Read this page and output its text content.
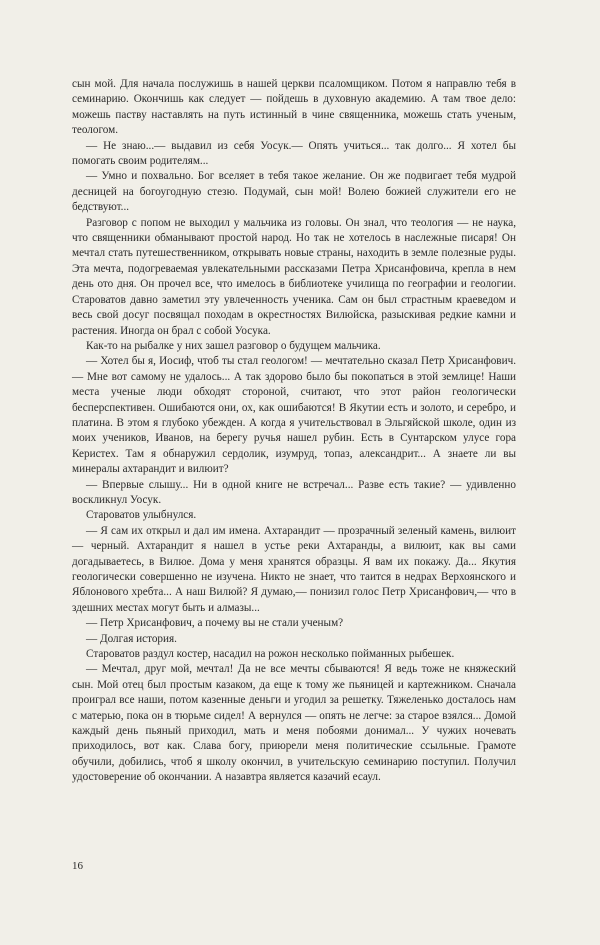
сын мой. Для начала послужишь в нашей церкви псаломщиком. Потом я направлю тебя в семинарию. Окончишь как следует — пойдешь в духовную академию. А там твое дело: можешь паству наставлять на путь истинный в чине священника, можешь стать ученым, теологом.

— Не знаю...— выдавил из себя Уосук.— Опять учиться... так долго... Я хотел бы помогать своим родителям...

— Умно и похвально. Бог вселяет в тебя такое желание. Он же подвигает тебя мудрой десницей на богоугодную стезю. Подумай, сын мой! Волею божией служители его не бедствуют...

Разговор с попом не выходил у мальчика из головы. Он знал, что теология — не наука, что священники обманывают простой народ. Но так не хотелось в наслежные писаря! Он мечтал стать путешественником, открывать новые страны, находить в земле полезные руды. Эта мечта, подогреваемая увлекательными рассказами Петра Хрисанфовича, крепла в нем день ото дня. Он прочел все, что имелось в библиотеке училища по географии и геологии. Староватов давно заметил эту увлеченность ученика. Сам он был страстным краеведом и весь свой досуг посвящал походам в окрестностях Вилюйска, разыскивая редкие камни и растения. Иногда он брал с собой Уосука.

Как-то на рыбалке у них зашел разговор о будущем мальчика.

— Хотел бы я, Иосиф, чтоб ты стал геологом! — мечтательно сказал Петр Хрисанфович.— Мне вот самому не удалось... А так здорово было бы покопаться в этой землице! Наши места ученые люди обходят стороной, считают, что этот район геологически бесперспективен. Ошибаются они, ох, как ошибаются! В Якутии есть и золото, и серебро, и платина. В этом я глубоко убежден. А когда я учительствовал в Эльгяйской школе, один из моих учеников, Иванов, на берегу ручья нашел рубин. Есть в Сунтарском улусе гора Керистех. Там я обнаружил сердолик, изумруд, топаз, александрит... А знаете ли вы минералы ахтарандит и вилюит?

— Впервые слышу... Ни в одной книге не встречал... Разве есть такие? — удивленно воскликнул Уосук.

Староватов улыбнулся.

— Я сам их открыл и дал им имена. Ахтарандит — прозрачный зеленый камень, вилюит — черный. Ахтарандит я нашел в устье реки Ахтаранды, а вилюит, как вы сами догадываетесь, в Вилюе. Дома у меня хранятся образцы. Я вам их покажу. Да... Якутия геологически совершенно не изучена. Никто не знает, что таится в недрах Верхоянского и Яблонового хребта... А наш Вилюй? Я думаю,— понизил голос Петр Хрисанфович,— что в здешних местах могут быть и алмазы...

— Петр Хрисанфович, а почему вы не стали ученым?

— Долгая история.

Староватов раздул костер, насадил на рожон несколько пойманных рыбешек.

— Мечтал, друг мой, мечтал! Да не все мечты сбываются! Я ведь тоже не княжеский сын. Мой отец был простым казаком, да еще к тому же пьяницей и картежником. Сначала проиграл все наши, потом казенные деньги и угодил за решетку. Тяжеленько досталось нам с матерью, пока он в тюрьме сидел! А вернулся — опять не легче: за старое взялся... Домой каждый день пьяный приходил, мать и меня побоями донимал... У чужих ночевать приходилось, вот как. Слава богу, приюрели меня политические ссыльные. Грамоте обучили, добились, чтоб я школу окончил, в учительскую семинарию поступил. Получил удостоверение об окончании. А назавтра является казачий есаул.

16
